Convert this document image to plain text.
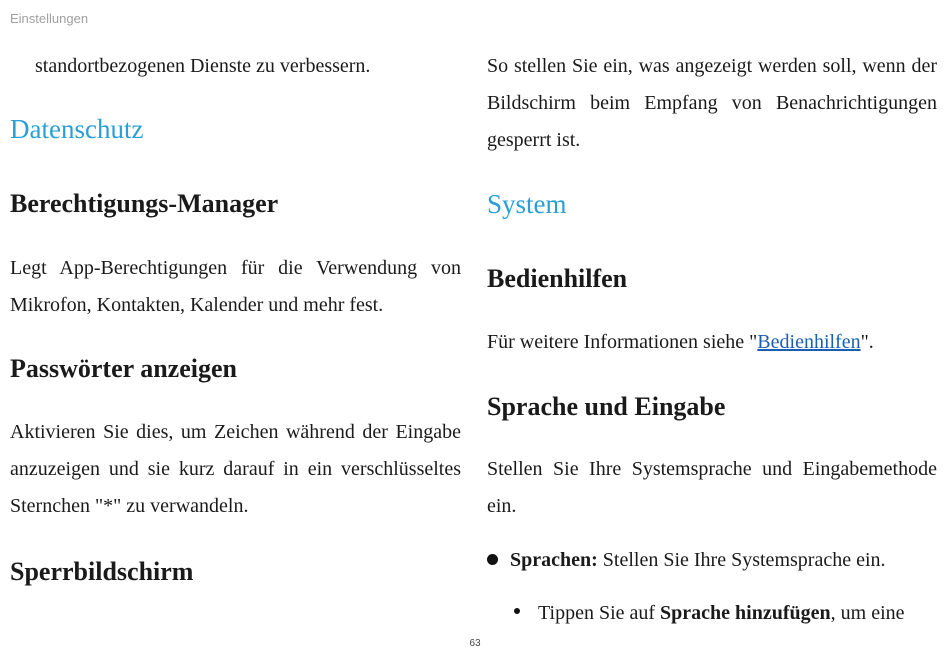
Einstellungen

standortbezogenen Dienste zu verbessern.

Datenschutz
Berechtigungs-Manager

Legt App-Berechtigungen für die Verwendung von Mikrofon, Kontakten, Kalender und mehr fest.

Passwörter anzeigen

Aktivieren Sie dies, um Zeichen während der Eingabe anzuzeigen und sie kurz darauf in ein verschlüsseltes Sternchen "*" zu verwandeln.

Sperrbildschirm

So stellen Sie ein, was angezeigt werden soll, wenn der Bildschirm beim Empfang von Benachrichtigungen gesperrt ist.

System
Bedienhilfen

Für weitere Informationen siehe "Bedienhilfen".

Sprache und Eingabe

Stellen Sie Ihre Systemsprache und Eingabemethode ein.

Sprachen: Stellen Sie Ihre Systemsprache ein.
Tippen Sie auf Sprache hinzufügen, um eine
63
